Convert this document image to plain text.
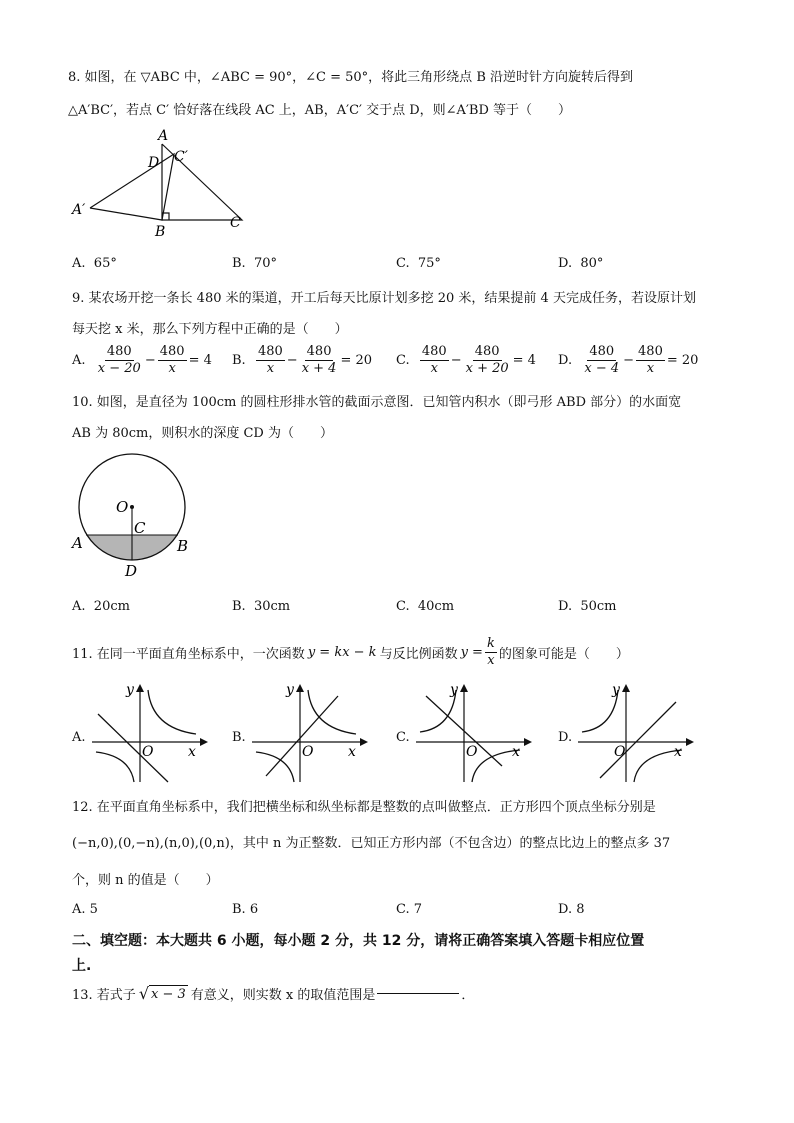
8. 如图，在 ▽ABC 中，∠ABC = 90°，∠C = 50°，将此三角形绕点 B 沿逆时针方向旋转后得到
△A′BC′，若点 C′ 恰好落在线段 AC 上，AB，A′C′ 交于点 D，则∠A′BD 等于（　　）
A
D C′
A′
B
C
A.
65°	B.
70°	C.
75°	D.
80°
9. 某农场开挖一条长 480 米的渠道，开工后每天比原计划多挖 20 米，结果提前 4 天完成任务，若设原计划
每天挖 x 米，那么下列方程中正确的是（　　）
A.
$\frac{480}{x - 20} - \frac{480}{x} = 4$ B.
$\frac{480}{x} - \frac{480}{x + 4} = 20$ C.
$\frac{480}{x} - \frac{480}{x + 20} = 4$ D.
$\frac{480}{x - 4} - \frac{480}{x} = 20$
10. 如图，是直径为 100cm 的圆柱形排水管的截面示意图．已知管内积水（即弓形 ABD 部分）的水面宽
AB 为 80cm，则积水的深度 CD 为（　　）
O
C
A	B
D
A.
20cm	B.
30cm	C.
40cm	D.
50cm
11. 在同一平面直角坐标系中，一次函数 y = kx − k 与反比例函数 $y = \frac{k}{x}$ 的图象可能是（　　）
A.
y
x
O
B.
y
x
O
C.
y
x
O
D.
y
x
O
12. 在平面直角坐标系中，我们把横坐标和纵坐标都是整数的点叫做整点．正方形四个顶点坐标分别是
(−n,0),(0,−n),(n,0),(0,n)，其中 n 为正整数．已知正方形内部（不包含边）的整点比边上的整点多 37
个，则 n 的值是（　　）
A.
5	B.
6	C.
7	D.
8
二、填空题：本大题共 6 小题，每小题 2 分，共 12 分，请将正确答案填入答题卡相应位置
上.
13. 若式子 √ x − 3 有意义，则实数 x 的取值范围是	．
